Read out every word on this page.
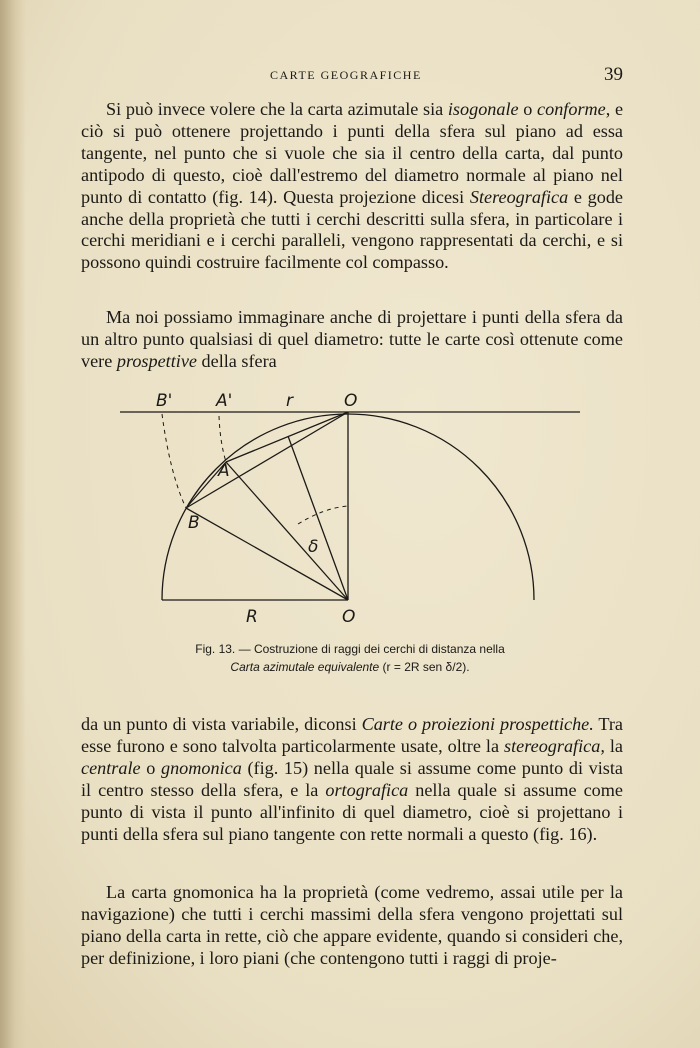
CARTE GEOGRAFICHE	39

Si può invece volere che la carta azimutale sia isogonale o conforme, e ciò si può ottenere projettando i punti della sfera sul piano ad essa tangente, nel punto che si vuole che sia il centro della carta, dal punto antipodo di questo, cioè dall'estremo del diametro normale al piano nel punto di contatto (fig. 14). Questa projezione dicesi Stereografica e gode anche della proprietà che tutti i cerchi descritti sulla sfera, in particolare i cerchi meridiani e i cerchi paralleli, vengono rappresentati da cerchi, e si possono quindi costruire facilmente col compasso.

Ma noi possiamo immaginare anche di projettare i punti della sfera da un altro punto qualsiasi di quel diametro: tutte le carte così ottenute come vere prospettive della sfera

B'	A'	r	O
A
B
δ
R	O
Fig. 13. — Costruzione di raggi dei cerchi di distanza nella
Carta azimutale equivalente (r = 2R sen δ/2).

da un punto di vista variabile, diconsi Carte o proiezioni prospettiche. Tra esse furono e sono talvolta particolarmente usate, oltre la stereografica, la centrale o gnomonica (fig. 15) nella quale si assume come punto di vista il centro stesso della sfera, e la ortografica nella quale si assume come punto di vista il punto all'infinito di quel diametro, cioè si projettano i punti della sfera sul piano tangente con rette normali a questo (fig. 16).

La carta gnomonica ha la proprietà (come vedremo, assai utile per la navigazione) che tutti i cerchi massimi della sfera vengono projettati sul piano della carta in rette, ciò che appare evidente, quando si consideri che, per definizione, i loro piani (che contengono tutti i raggi di proje-
